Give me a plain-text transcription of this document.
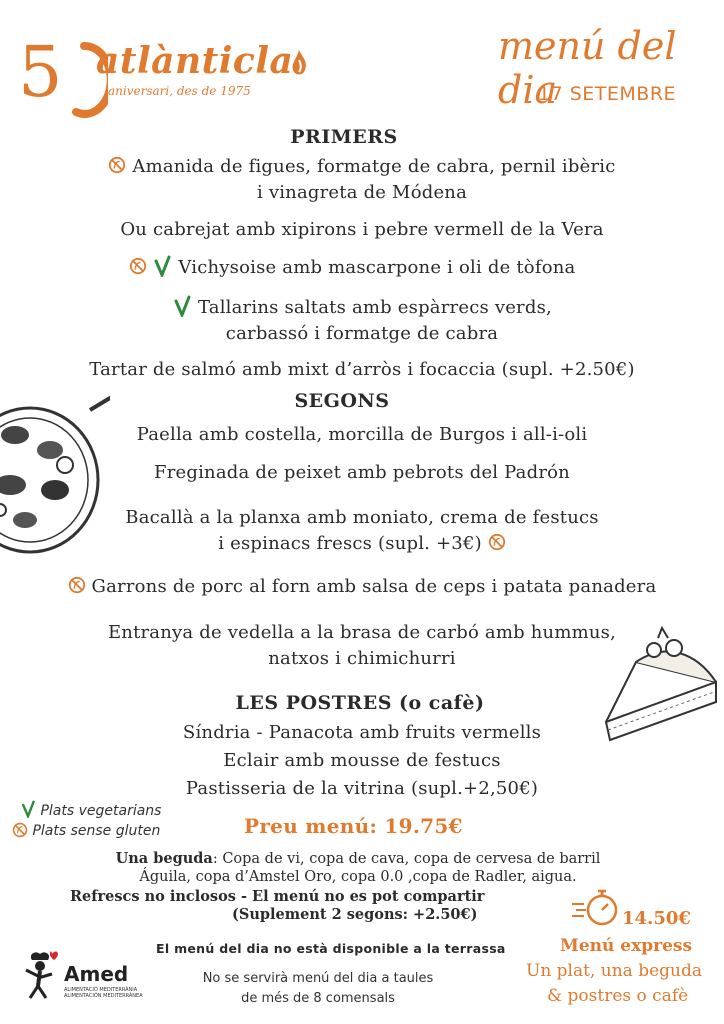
5 atlànticla
aniversari, des de 1975
menú del dia
17 SETEMBRE
PRIMERS
Amanida de figues, formatge de cabra, pernil ibèric
i vinagreta de Módena
Ou cabrejat amb xipirons i pebre vermell de la Vera
Vichysoise amb mascarpone i oli de tòfona
Tallarins saltats amb espàrrecs verds,
carbassó i formatge de cabra
Tartar de salmó amb mixt d’arròs i focaccia (supl. +2.50€)
SEGONS
Paella amb costella, morcilla de Burgos i all-i-oli
Freginada de peixet amb pebrots del Padrón
Bacallà a la planxa amb moniato, crema de festucs
i espinacs frescs (supl. +3€)
Garrons de porc al forn amb salsa de ceps i patata panadera
Entranya de vedella a la brasa de carbó amb hummus,
natxos i chimichurri
LES POSTRES (o cafè)
Síndria - Panacota amb fruits vermells
Eclair amb mousse de festucs
Pastisseria de la vitrina (supl.+2,50€)
Plats vegetarians
Plats sense gluten	Preu menú: 19.75€
Una beguda: Copa de vi, copa de cava, copa de cervesa de barril
Águila, copa d’Amstel Oro, copa 0.0 ,copa de Radler, aigua.
Refrescs no inclosos - El menú no es pot compartir
(Suplement 2 segons: +2.50€)	14.50€
Menú express
Un plat, una beguda
& postres o cafè
El menú del dia no està disponible a la terrassa
No se servirà menú del dia a taules
de més de 8 comensals
Amed
ALIMENTACIÓ MEDITERRÀNIA
ALIMENTACIÓN MEDITERRÁNEA
